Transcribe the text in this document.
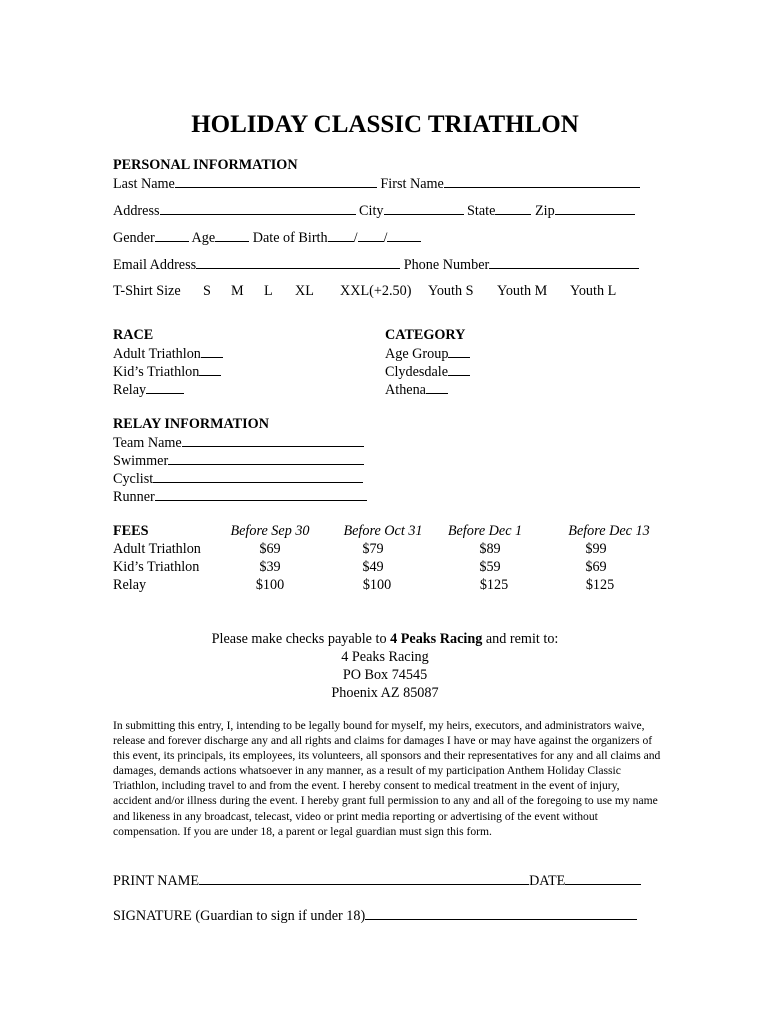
HOLIDAY CLASSIC TRIATHLON
PERSONAL INFORMATION
Last Name	First Name
Address	City	State	Zip
Gender	Age	Date of Birth / /
Email Address	Phone Number
T-Shirt Size S M L XL XXL(+2.50) Youth S Youth M Youth L
RACE
Adult Triathlon
Kid’s Triathlon
Relay
CATEGORY
Age Group
Clydesdale
Athena
RELAY INFORMATION
Team Name
Swimmer
Cyclist
Runner
FEES	Before Sep 30	Before Oct 31	Before Dec 1	Before Dec 13
Adult Triathlon	$69	$79	$89	$99
Kid’s Triathlon	$39	$49	$59	$69
Relay	$100	$100	$125	$125
Please make checks payable to 4 Peaks Racing and remit to:
4 Peaks Racing
PO Box 74545
Phoenix AZ 85087
In submitting this entry, I, intending to be legally bound for myself, my heirs, executors, and administrators waive, release and forever discharge any and all rights and claims for damages I have or may have against the organizers of this event, its principals, its employees, its volunteers, all sponsors and their representatives for any and all claims and damages, demands actions whatsoever in any manner, as a result of my participation Anthem Holiday Classic Triathlon, including travel to and from the event. I hereby consent to medical treatment in the event of injury, accident and/or illness during the event. I hereby grant full permission to any and all of the foregoing to use my name and likeness in any broadcast, telecast, video or print media reporting or advertising of the event without compensation. If you are under 18, a parent or legal guardian must sign this form.
PRINT NAME	DATE
SIGNATURE (Guardian to sign if under 18)
